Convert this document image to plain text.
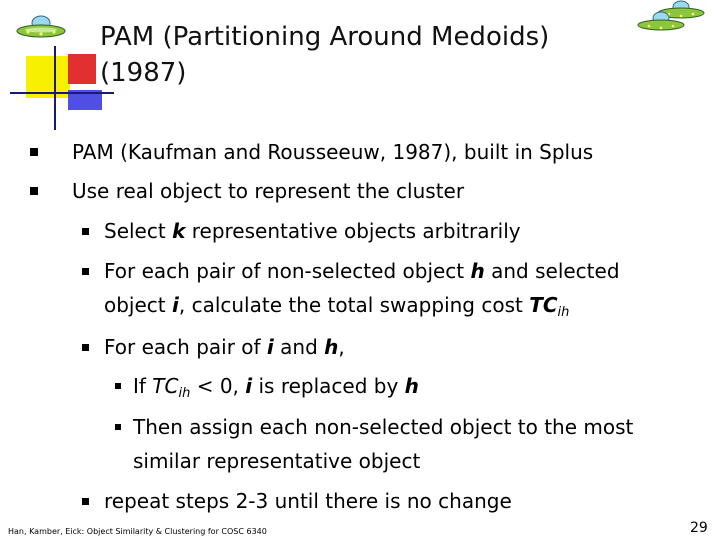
PAM (Partitioning Around Medoids)
(1987)
PAM (Kaufman and Rousseeuw, 1987), built in Splus
Use real object to represent the cluster
Select k representative objects arbitrarily
For each pair of non-selected object h and selected
object i, calculate the total swapping cost $TC_{ih}$
For each pair of i and h,
If $TC_{ih} < 0$, i is replaced by h
Then assign each non-selected object to the most
similar representative object
repeat steps 2-3 until there is no change
Han, Kamber, Eick: Object Similarity & Clustering for COSC 6340	29
